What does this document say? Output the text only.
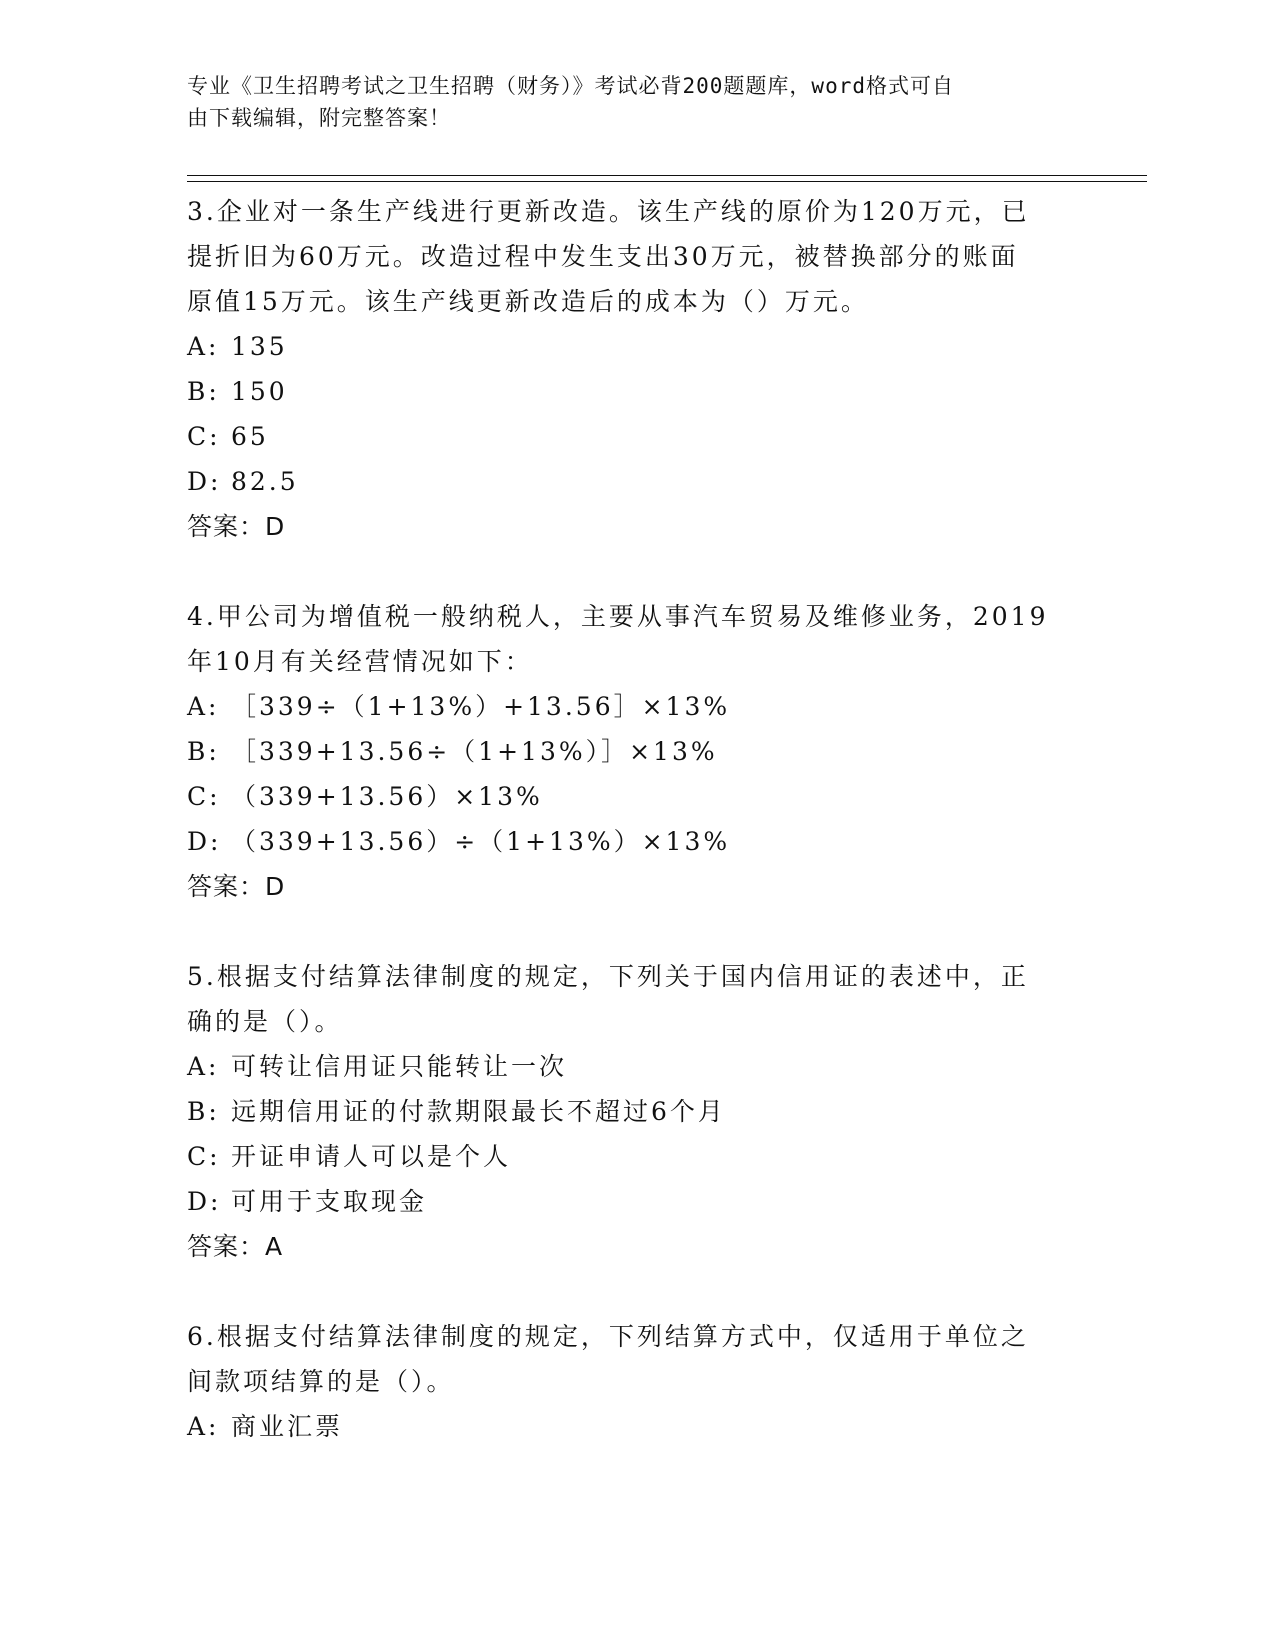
专业《卫生招聘考试之卫生招聘（财务）》考试必背200题题库，word格式可自
由下载编辑，附完整答案！

3.企业对一条生产线进行更新改造。该生产线的原价为120万元，已

提折旧为60万元。改造过程中发生支出30万元，被替换部分的账面

原值15万元。该生产线更新改造后的成本为（）万元。

A: 135

B: 150

C: 65

D: 82.5

答案：D

4.甲公司为增值税一般纳税人，主要从事汽车贸易及维修业务，2019

年10月有关经营情况如下：

A: ［339÷（1+13%）+13.56］×13%

B: ［339+13.56÷（1+13%）］×13%

C: （339+13.56）×13%

D: （339+13.56）÷（1+13%）×13%

答案：D

5.根据支付结算法律制度的规定，下列关于国内信用证的表述中，正

确的是（）。

A: 可转让信用证只能转让一次

B: 远期信用证的付款期限最长不超过6个月

C: 开证申请人可以是个人

D: 可用于支取现金

答案：A

6.根据支付结算法律制度的规定，下列结算方式中，仅适用于单位之

间款项结算的是（）。

A: 商业汇票
